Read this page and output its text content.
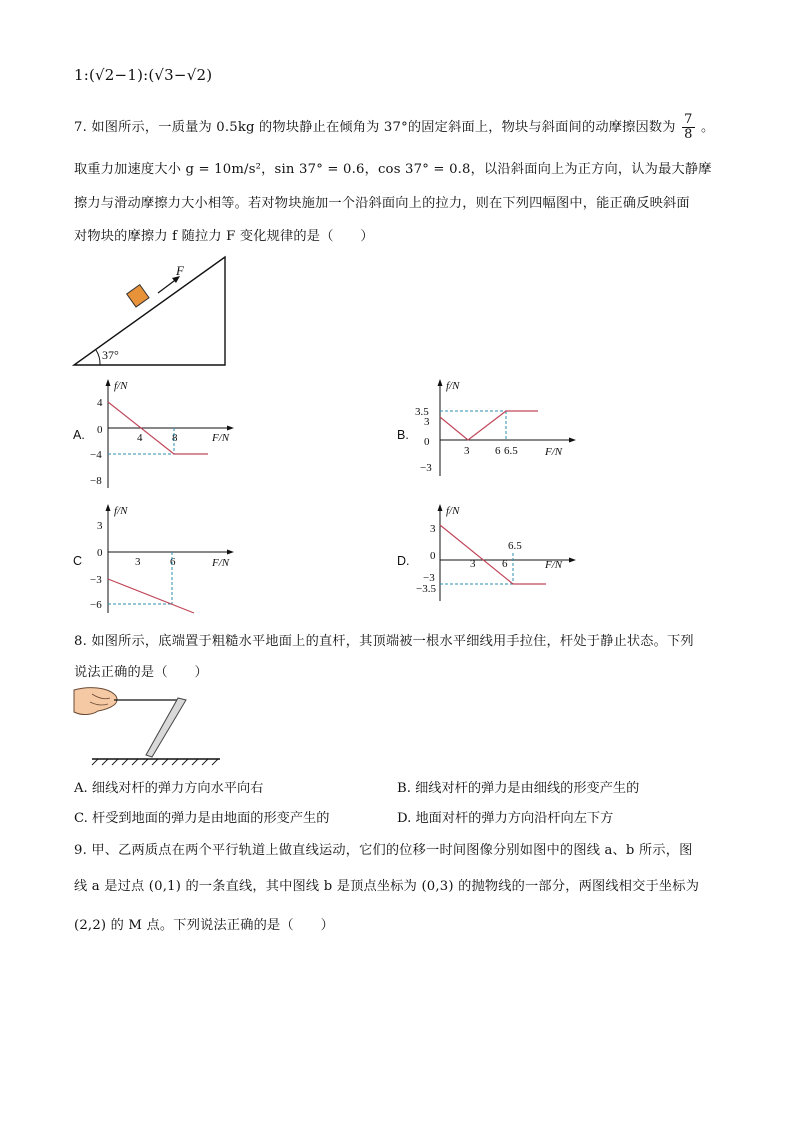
1:(√2−1):(√3−√2)
7. 如图所示，一质量为 0.5kg 的物块静止在倾角为 37°的固定斜面上，物块与斜面间的动摩擦因数为 $\frac{7}{8}$ 。
取重力加速度大小 g = 10m/s²，sin 37° = 0.6，cos 37° = 0.8，以沿斜面向上为正方向，认为最大静摩
擦力与滑动摩擦力大小相等。若对物块施加一个沿斜面向上的拉力，则在下列四幅图中，能正确反映斜面
对物块的摩擦力 f 随拉力 F 变化规律的是（　　）
F
37°
A.
f/N
F/N
4
0
−4
−8
4	8	B.
f/N
F/N
3.5
3
0
−3
3 6 6.5
C
f/N
F/N
3
0
−3
−6
3	6	D.
f/N
F/N
3
0
−3
−3.5
3 6
6.5
8. 如图所示，底端置于粗糙水平地面上的直杆，其顶端被一根水平细线用手拉住，杆处于静止状态。下列
说法正确的是（　　）
A. 细线对杆的弹力方向水平向右	B. 细线对杆的弹力是由细线的形变产生的
C. 杆受到地面的弹力是由地面的形变产生的	D. 地面对杆的弹力方向沿杆向左下方
9. 甲、乙两质点在两个平行轨道上做直线运动，它们的位移一时间图像分别如图中的图线 a、b 所示，图
线 a 是过点 (0,1) 的一条直线，其中图线 b 是顶点坐标为 (0,3) 的抛物线的一部分，两图线相交于坐标为
(2,2) 的 M 点。下列说法正确的是（　　）
